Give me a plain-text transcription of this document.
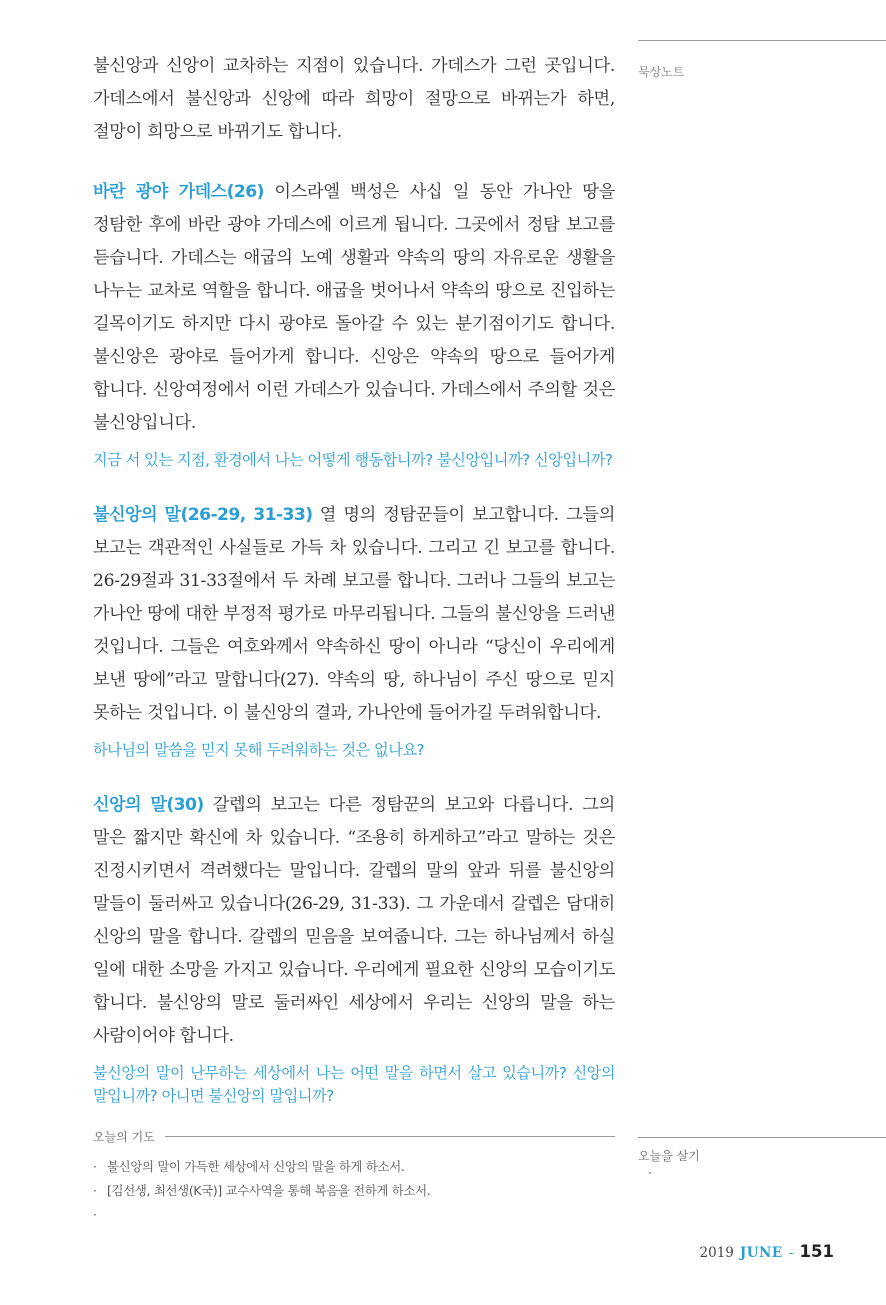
묵상노트

불신앙과 신앙이 교차하는 지점이 있습니다. 가데스가 그런 곳입니다. 가데스에서 불신앙과 신앙에 따라 희망이 절망으로 바뀌는가 하면, 절망이 희망으로 바뀌기도 합니다.

바란 광야 가데스(26) 이스라엘 백성은 사십 일 동안 가나안 땅을 정탐한 후에 바란 광야 가데스에 이르게 됩니다. 그곳에서 정탐 보고를 듣습니다. 가데스는 애굽의 노예 생활과 약속의 땅의 자유로운 생활을 나누는 교차로 역할을 합니다. 애굽을 벗어나서 약속의 땅으로 진입하는 길목이기도 하지만 다시 광야로 돌아갈 수 있는 분기점이기도 합니다. 불신앙은 광야로 들어가게 합니다. 신앙은 약속의 땅으로 들어가게 합니다. 신앙여정에서 이런 가데스가 있습니다. 가데스에서 주의할 것은 불신앙입니다.

지금 서 있는 지점, 환경에서 나는 어떻게 행동합니까? 불신앙입니까? 신앙입니까?

불신앙의 말(26-29, 31-33) 열 명의 정탐꾼들이 보고합니다. 그들의 보고는 객관적인 사실들로 가득 차 있습니다. 그리고 긴 보고를 합니다. 26-29절과 31-33절에서 두 차례 보고를 합니다. 그러나 그들의 보고는 가나안 땅에 대한 부정적 평가로 마무리됩니다. 그들의 불신앙을 드러낸 것입니다. 그들은 여호와께서 약속하신 땅이 아니라 “당신이 우리에게 보낸 땅에”라고 말합니다(27). 약속의 땅, 하나님이 주신 땅으로 믿지 못하는 것입니다. 이 불신앙의 결과, 가나안에 들어가길 두려워합니다.

하나님의 말씀을 믿지 못해 두려워하는 것은 없나요?

신앙의 말(30) 갈렙의 보고는 다른 정탐꾼의 보고와 다릅니다. 그의 말은 짧지만 확신에 차 있습니다. “조용히 하게하고”라고 말하는 것은 진정시키면서 격려했다는 말입니다. 갈렙의 말의 앞과 뒤를 불신앙의 말들이 둘러싸고 있습니다(26-29, 31-33). 그 가운데서 갈렙은 담대히 신앙의 말을 합니다. 갈렙의 믿음을 보여줍니다. 그는 하나님께서 하실 일에 대한 소망을 가지고 있습니다. 우리에게 필요한 신앙의 모습이기도 합니다. 불신앙의 말로 둘러싸인 세상에서 우리는 신앙의 말을 하는 사람이어야 합니다.

불신앙의 말이 난무하는 세상에서 나는 어떤 말을 하면서 살고 있습니까? 신앙의 말입니까? 아니면 불신앙의 말입니까?

오늘의 기도
· 불신앙의 말이 가득한 세상에서 신앙의 말을 하게 하소서.
· [김선생, 최선생(K국)] 교수사역을 통해 복음을 전하게 하소서.
·
오늘을 살기
·
2019 JUNE - 151
